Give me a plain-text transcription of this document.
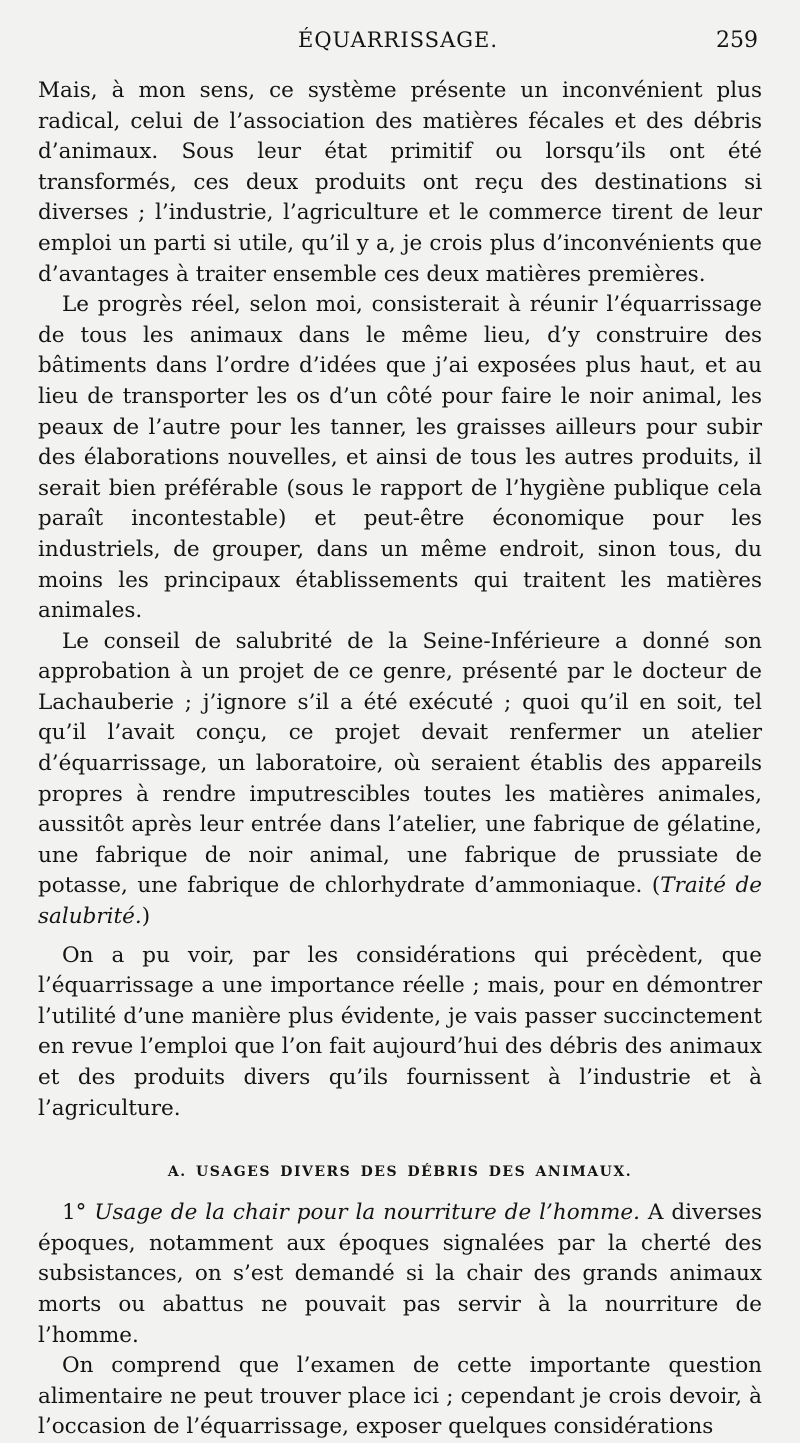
ÉQUARRISSAGE.	259

Mais, à mon sens, ce système présente un inconvénient plus radical, celui de l’association des matières fécales et des débris d’animaux. Sous leur état primitif ou lorsqu’ils ont été transformés, ces deux produits ont reçu des destinations si diverses ; l’industrie, l’agriculture et le commerce tirent de leur emploi un parti si utile, qu’il y a, je crois plus d’inconvénients que d’avantages à traiter ensemble ces deux matières premières.

Le progrès réel, selon moi, consisterait à réunir l’équarrissage de tous les animaux dans le même lieu, d’y construire des bâtiments dans l’ordre d’idées que j’ai exposées plus haut, et au lieu de transporter les os d’un côté pour faire le noir animal, les peaux de l’autre pour les tanner, les graisses ailleurs pour subir des élaborations nouvelles, et ainsi de tous les autres produits, il serait bien préférable (sous le rapport de l’hygiène publique cela paraît incontestable) et peut-être économique pour les industriels, de grouper, dans un même endroit, sinon tous, du moins les principaux établissements qui traitent les matières animales.

Le conseil de salubrité de la Seine-Inférieure a donné son approbation à un projet de ce genre, présenté par le docteur de Lachauberie ; j’ignore s’il a été exécuté ; quoi qu’il en soit, tel qu’il l’avait conçu, ce projet devait renfermer un atelier d’équarrissage, un laboratoire, où seraient établis des appareils propres à rendre imputrescibles toutes les matières animales, aussitôt après leur entrée dans l’atelier, une fabrique de gélatine, une fabrique de noir animal, une fabrique de prussiate de potasse, une fabrique de chlorhydrate d’ammoniaque. (Traité de salubrité.)

On a pu voir, par les considérations qui précèdent, que l’équarrissage a une importance réelle ; mais, pour en démontrer l’utilité d’une manière plus évidente, je vais passer succinctement en revue l’emploi que l’on fait aujourd’hui des débris des animaux et des produits divers qu’ils fournissent à l’industrie et à l’agriculture.

A. USAGES DIVERS DES DÉBRIS DES ANIMAUX.

1° Usage de la chair pour la nourriture de l’homme. A diverses époques, notamment aux époques signalées par la cherté des subsistances, on s’est demandé si la chair des grands animaux morts ou abattus ne pouvait pas servir à la nourriture de l’homme.

On comprend que l’examen de cette importante question alimentaire ne peut trouver place ici ; cependant je crois devoir, à l’occasion de l’équarrissage, exposer quelques considérations
